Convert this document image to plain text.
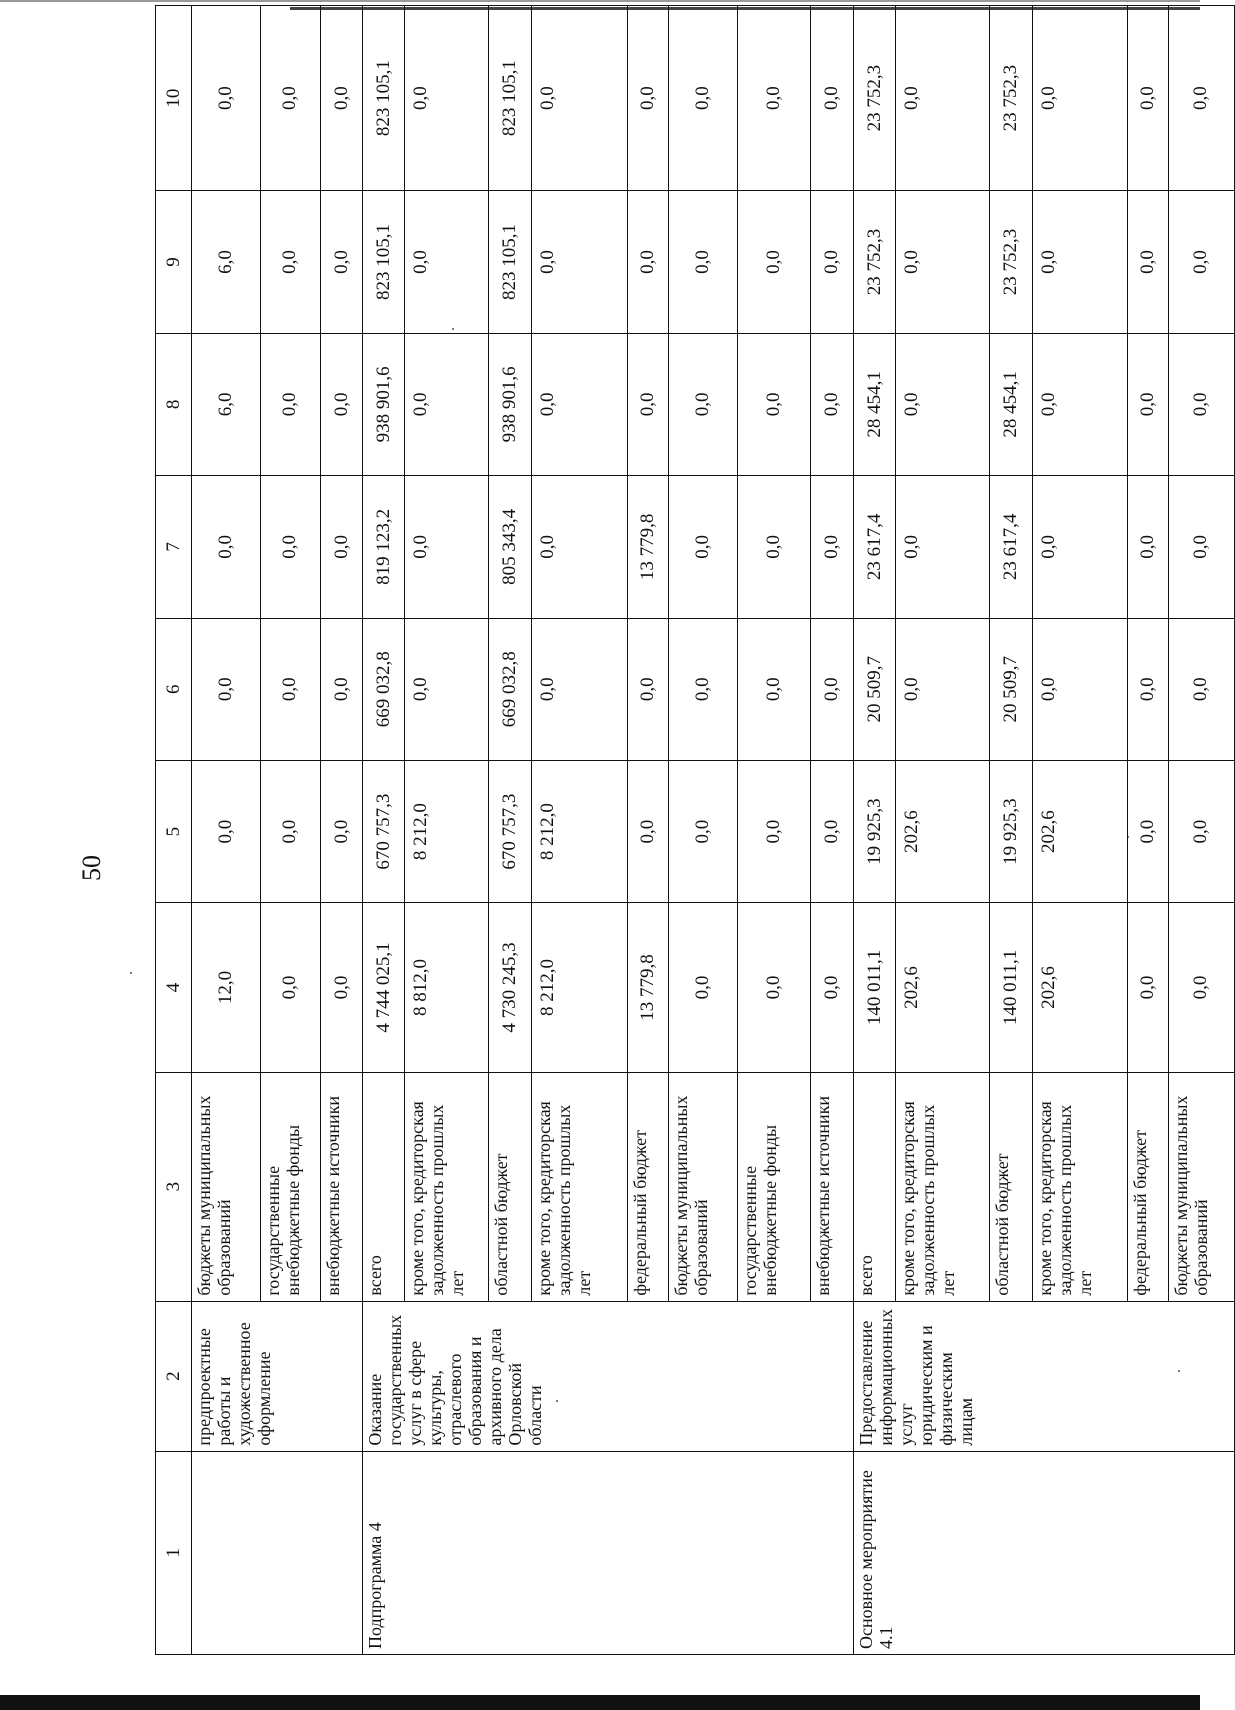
50
1	2	3	4	5	6	7	8	9	10
	предпроектные работы и художественное оформление	бюджеты муниципальных образований	12,0	0,0	0,0	0,0	6,0	6,0	0,0
		государственные внебюджетные фонды	0,0	0,0	0,0	0,0	0,0	0,0	0,0
		внебюджетные источники	0,0	0,0	0,0	0,0	0,0	0,0	0,0
Подпрограмма 4	Оказание государственных услуг в сфере культуры, отраслевого образования и архивного дела Орловской области	всего	4 744 025,1	670 757,3	669 032,8	819 123,2	938 901,6	823 105,1	823 105,1
		кроме того, кредиторская задолженность прошлых лет	8 812,0	8 212,0	0,0	0,0	0,0	0,0	0,0
		областной бюджет	4 730 245,3	670 757,3	669 032,8	805 343,4	938 901,6	823 105,1	823 105,1
		кроме того, кредиторская задолженность прошлых лет	8 212,0	8 212,0	0,0	0,0	0,0	0,0	0,0
		федеральный бюджет	13 779,8	0,0	0,0	13 779,8	0,0	0,0	0,0
		бюджеты муниципальных образований	0,0	0,0	0,0	0,0	0,0	0,0	0,0
		государственные внебюджетные фонды	0,0	0,0	0,0	0,0	0,0	0,0	0,0
		внебюджетные источники	0,0	0,0	0,0	0,0	0,0	0,0	0,0
Основное мероприятие 4.1	Предоставление информационных услуг юридическим и физическим лицам	всего	140 011,1	19 925,3	20 509,7	23 617,4	28 454,1	23 752,3	23 752,3
		кроме того, кредиторская задолженность прошлых лет	202,6	202,6	0,0	0,0	0,0	0,0	0,0
		областной бюджет	140 011,1	19 925,3	20 509,7	23 617,4	28 454,1	23 752,3	23 752,3
		кроме того, кредиторская задолженность прошлых лет	202,6	202,6	0,0	0,0	0,0	0,0	0,0
		федеральный бюджет	0,0	0,0	0,0	0,0	0,0	0,0	0,0
		бюджеты муниципальных образований	0,0	0,0	0,0	0,0	0,0	0,0	0,0
